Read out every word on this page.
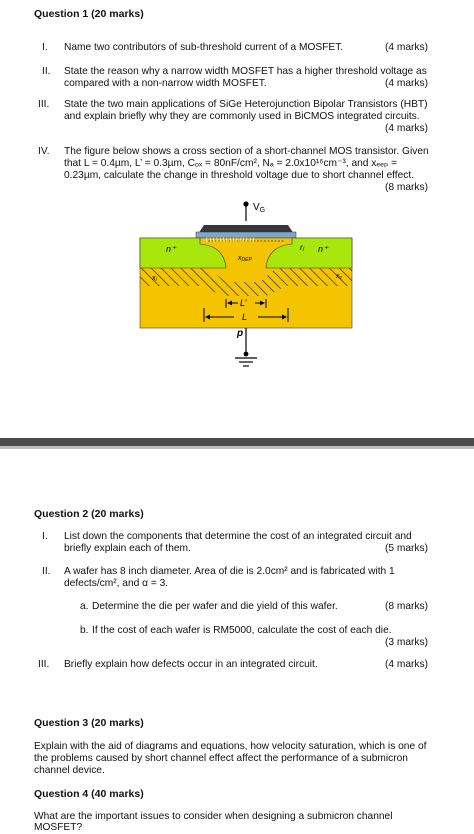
Question 1 (20 marks)
I.	Name two contributors of sub-threshold current of a MOSFET.	(4 marks)
II.	State the reason why a narrow width MOSFET has a higher threshold voltage as
compared with a non-narrow width MOSFET.	(4 marks)
III.	State the two main applications of SiGe Heterojunction Bipolar Transistors (HBT)
and explain briefly why they are commonly used in BiCMOS integrated circuits.
(4 marks)
IV.	The figure below shows a cross section of a short-channel MOS transistor. Given
that L = 0.4µm, L’ = 0.3µm, Cₒₓ = 80nF/cm², Nₐ = 2.0x10¹⁶cm⁻³, and xₑₑₚ =
0.23µm, calculate the change in threshold voltage due to short channel effect.
(8 marks)
$V_G$
I I I I I I I I I I I I I I I
n⁺	n⁺
rⱼ
xDEP
xⱼ	xₑ
L’
L
p
Question 2 (20 marks)
I.	List down the components that determine the cost of an integrated circuit and
briefly explain each of them.	(5 marks)
II.	A wafer has 8 inch diameter. Area of die is 2.0cm² and is fabricated with 1
defects/cm², and α = 3.
a. Determine the die per wafer and die yield of this wafer.	(8 marks)
b. If the cost of each wafer is RM5000, calculate the cost of each die.
(3 marks)
III.	Briefly explain how defects occur in an integrated circuit.	(4 marks)
Question 3 (20 marks)
Explain with the aid of diagrams and equations, how velocity saturation, which is one of
the problems caused by short channel effect affect the performance of a submicron
channel device.
Question 4 (40 marks)
What are the important issues to consider when designing a submicron channel
MOSFET?
